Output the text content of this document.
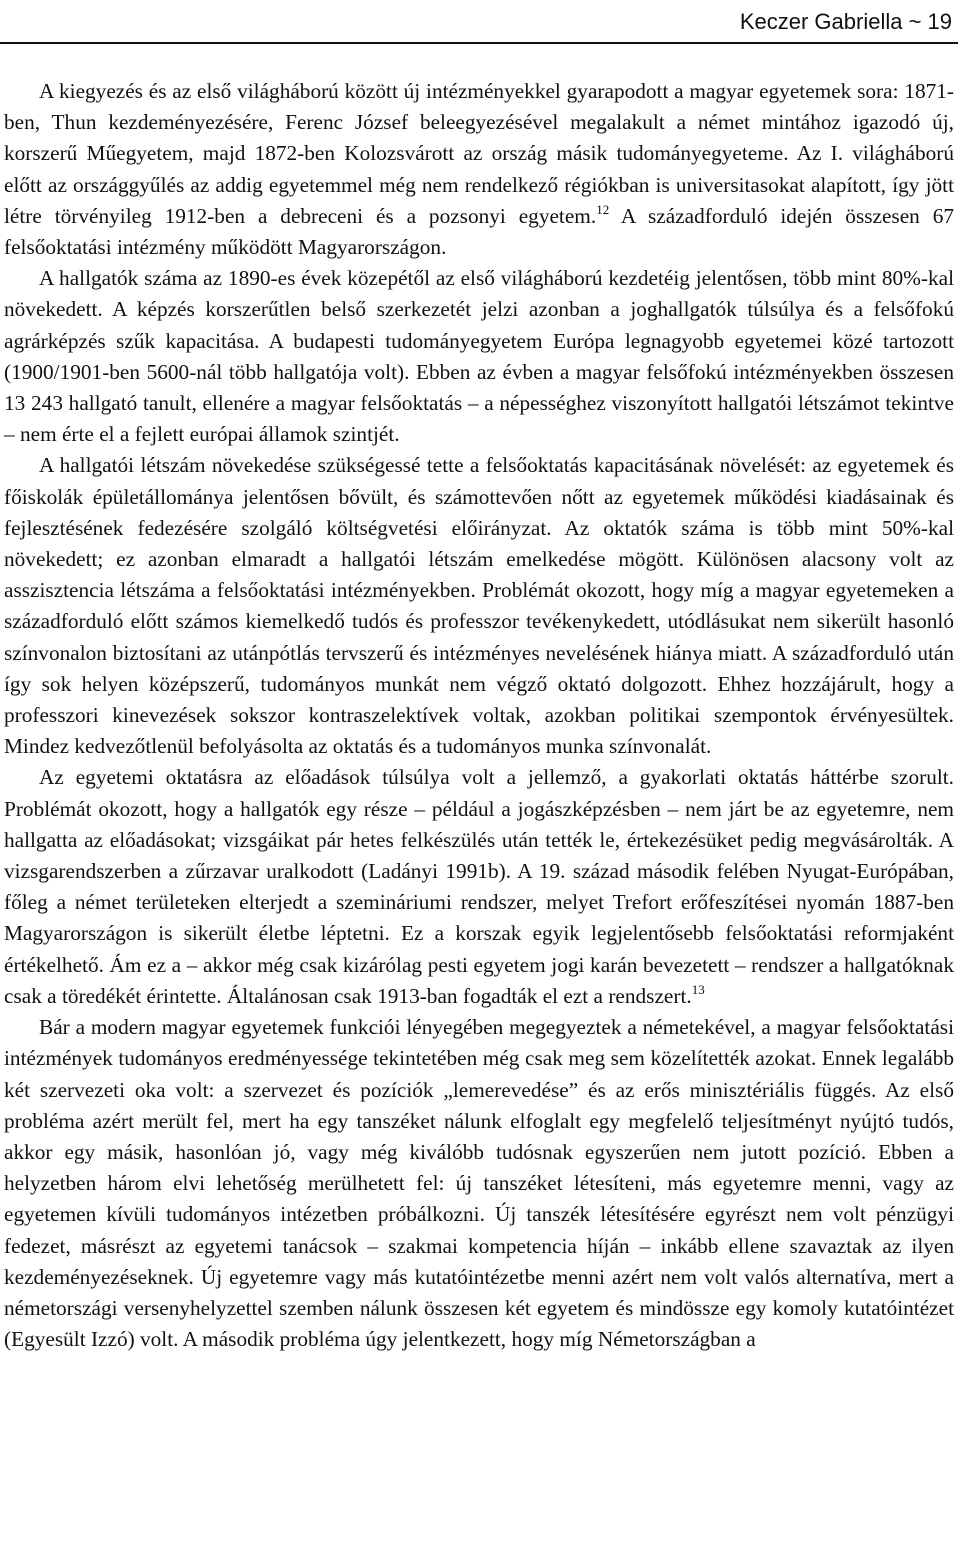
Keczer Gabriella ~ 19

A kiegyezés és az első világháború között új intézményekkel gyarapodott a magyar egyetemek sora: 1871-ben, Thun kezdeményezésére, Ferenc József beleegyezésével megalakult a német mintához igazodó új, korszerű Műegyetem, majd 1872-ben Kolozsvárott az ország másik tudományegyeteme. Az I. világháború előtt az országgyűlés az addig egyetemmel még nem rendelkező régiókban is universitasokat alapított, így jött létre törvényileg 1912-ben a debreceni és a pozsonyi egyetem.$^{12}$ A századforduló idején összesen 67 felsőoktatási intézmény működött Magyarországon.

A hallgatók száma az 1890-es évek közepétől az első világháború kezdetéig jelentősen, több mint 80%-kal növekedett. A képzés korszerűtlen belső szerkezetét jelzi azonban a joghallgatók túlsúlya és a felsőfokú agrárképzés szűk kapacitása. A budapesti tudományegyetem Európa legnagyobb egyetemei közé tartozott (1900/1901-ben 5600-nál több hallgatója volt). Ebben az évben a magyar felsőfokú intézményekben összesen 13 243 hallgató tanult, ellenére a magyar felsőoktatás – a népességhez viszonyított hallgatói létszámot tekintve – nem érte el a fejlett európai államok szintjét.

A hallgatói létszám növekedése szükségessé tette a felsőoktatás kapacitásának növelését: az egyetemek és főiskolák épületállománya jelentősen bővült, és számottevően nőtt az egyetemek működési kiadásainak és fejlesztésének fedezésére szolgáló költségvetési előirányzat. Az oktatók száma is több mint 50%-kal növekedett; ez azonban elmaradt a hallgatói létszám emelkedése mögött. Különösen alacsony volt az asszisztencia létszáma a felsőoktatási intézményekben. Problémát okozott, hogy míg a magyar egyetemeken a századforduló előtt számos kiemelkedő tudós és professzor tevékenykedett, utódlásukat nem sikerült hasonló színvonalon biztosítani az utánpótlás tervszerű és intézményes nevelésének hiánya miatt. A századforduló után így sok helyen középszerű, tudományos munkát nem végző oktató dolgozott. Ehhez hozzájárult, hogy a professzori kinevezések sokszor kontraszelektívek voltak, azokban politikai szempontok érvényesültek. Mindez kedvezőtlenül befolyásolta az oktatás és a tudományos munka színvonalát.

Az egyetemi oktatásra az előadások túlsúlya volt a jellemző, a gyakorlati oktatás háttérbe szorult. Problémát okozott, hogy a hallgatók egy része – például a jogászképzésben – nem járt be az egyetemre, nem hallgatta az előadásokat; vizsgáikat pár hetes felkészülés után tették le, értekezésüket pedig megvásárolták. A vizsgarendszerben a zűrzavar uralkodott (Ladányi 1991b). A 19. század második felében Nyugat-Európában, főleg a német területeken elterjedt a szemináriumi rendszer, melyet Trefort erőfeszítései nyomán 1887-ben Magyarországon is sikerült életbe léptetni. Ez a korszak egyik legjelentősebb felsőoktatási reformjaként értékelhető. Ám ez a – akkor még csak kizárólag pesti egyetem jogi karán bevezetett – rendszer a hallgatóknak csak a töredékét érintette. Általánosan csak 1913-ban fogadták el ezt a rendszert.$^{13}$

Bár a modern magyar egyetemek funkciói lényegében megegyeztek a németekével, a magyar felsőoktatási intézmények tudományos eredményessége tekintetében még csak meg sem közelítették azokat. Ennek legalább két szervezeti oka volt: a szervezet és pozíciók „lemerevedése” és az erős minisztériális függés. Az első probléma azért merült fel, mert ha egy tanszéket nálunk elfoglalt egy megfelelő teljesítményt nyújtó tudós, akkor egy másik, hasonlóan jó, vagy még kiválóbb tudósnak egyszerűen nem jutott pozíció. Ebben a helyzetben három elvi lehetőség merülhetett fel: új tanszéket létesíteni, más egyetemre menni, vagy az egyetemen kívüli tudományos intézetben próbálkozni. Új tanszék létesítésére egyrészt nem volt pénzügyi fedezet, másrészt az egyetemi tanácsok – szakmai kompetencia híján – inkább ellene szavaztak az ilyen kezdeményezéseknek. Új egyetemre vagy más kutatóintézetbe menni azért nem volt valós alternatíva, mert a németországi versenyhelyzettel szemben nálunk összesen két egyetem és mindössze egy komoly kutatóintézet (Egyesült Izzó) volt. A második probléma úgy jelentkezett, hogy míg Németországban a
